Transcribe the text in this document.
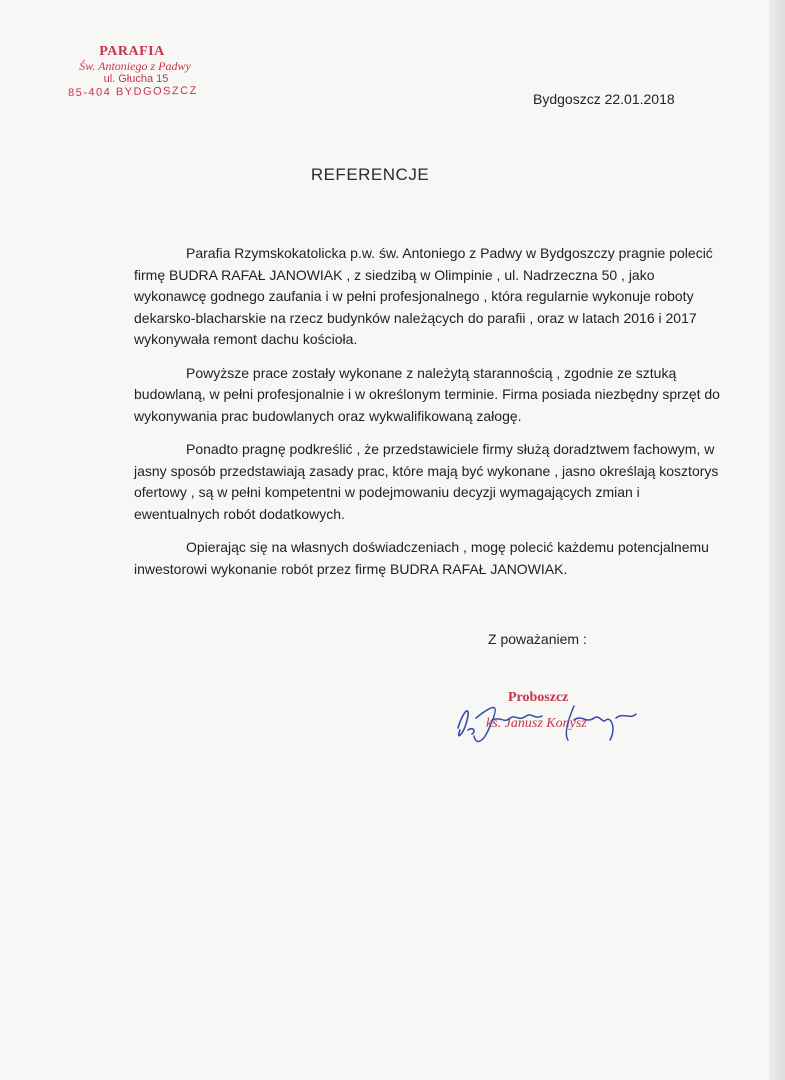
PARAFIA
Św. Antoniego z Padwy
ul. Głucha 15
85-404 BYDGOSZCZ	Bydgoszcz 22.01.2018
REFERENCJE

Parafia Rzymskokatolicka p.w. św. Antoniego z Padwy w Bydgoszczy pragnie polecić firmę BUDRA RAFAŁ JANOWIAK , z siedzibą w Olimpinie , ul. Nadrzeczna 50 , jako wykonawcę godnego zaufania i w pełni profesjonalnego , która regularnie wykonuje roboty dekarsko-blacharskie na rzecz budynków należących do parafii , oraz w latach 2016 i 2017 wykonywała remont dachu kościoła.

Powyższe prace zostały wykonane z należytą starannością , zgodnie ze sztuką budowlaną, w pełni profesjonalnie i w określonym terminie. Firma posiada niezbędny sprzęt do wykonywania prac budowlanych oraz wykwalifikowaną załogę.

Ponadto pragnę podkreślić , że przedstawiciele firmy służą doradztwem fachowym, w jasny sposób przedstawiają zasady prac, które mają być wykonane , jasno określają kosztorys ofertowy , są w pełni kompetentni w podejmowaniu decyzji wymagających zmian i ewentualnych robót dodatkowych.

Opierając się na własnych doświadczeniach , mogę polecić każdemu potencjalnemu inwestorowi wykonanie robót przez firmę BUDRA RAFAŁ JANOWIAK.

Z poważaniem :
Proboszcz
ks. Janusz Konysz
